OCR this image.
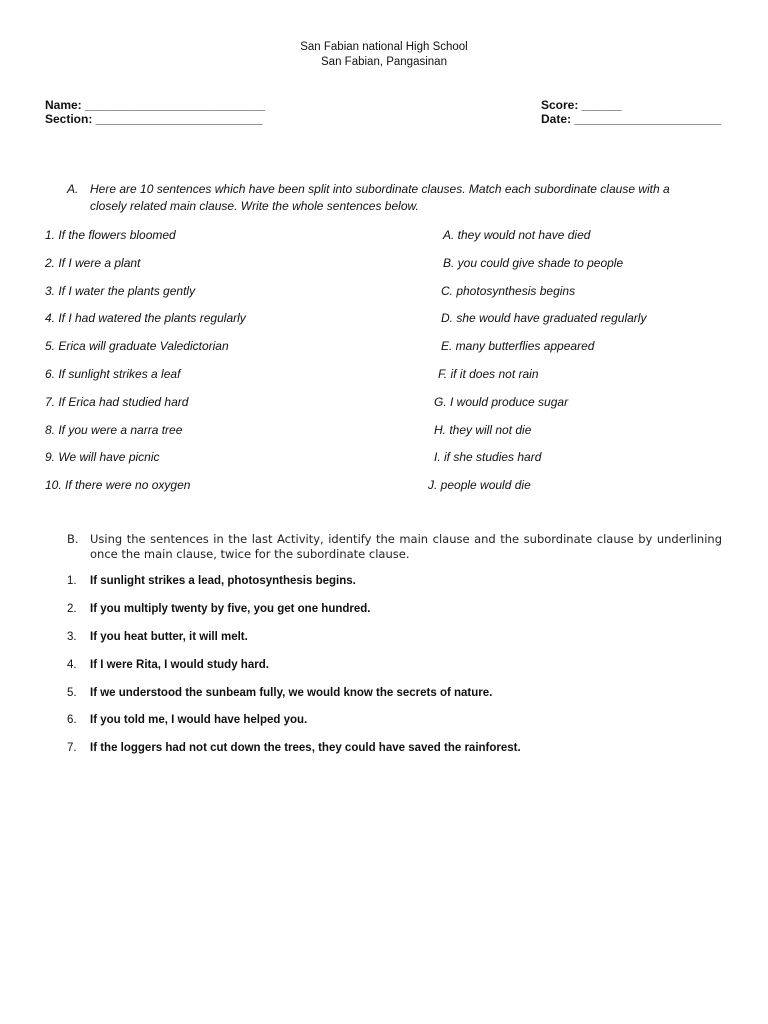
San Fabian national High School
San Fabian, Pangasinan
Name: ___________________________
Section: _________________________
Score: ______
Date: ______________________
A. Here are 10 sentences which have been split into subordinate clauses. Match each subordinate clause with a closely related main clause. Write the whole sentences below.
1. If the flowers bloomed
2. If I were a plant
3. If I water the plants gently
4. If I had watered the plants regularly
5. Erica will graduate Valedictorian
6. If sunlight strikes a leaf
7. If Erica had studied hard
8. If you were a narra tree
9. We will have picnic
10. If there were no oxygen
A. they would not have died
B. you could give shade to people
C. photosynthesis begins
D. she would have graduated regularly
E. many butterflies appeared
F. if it does not rain
G. I would produce sugar
H. they will not die
I. if she studies hard
J. people would die
B. Using the sentences in the last Activity, identify the main clause and the subordinate clause by underlining once the main clause, twice for the subordinate clause.
1. If sunlight strikes a lead, photosynthesis begins.
2. If you multiply twenty by five, you get one hundred.
3. If you heat butter, it will melt.
4. If I were Rita, I would study hard.
5. If we understood the sunbeam fully, we would know the secrets of nature.
6. If you told me, I would have helped you.
7. If the loggers had not cut down the trees, they could have saved the rainforest.
